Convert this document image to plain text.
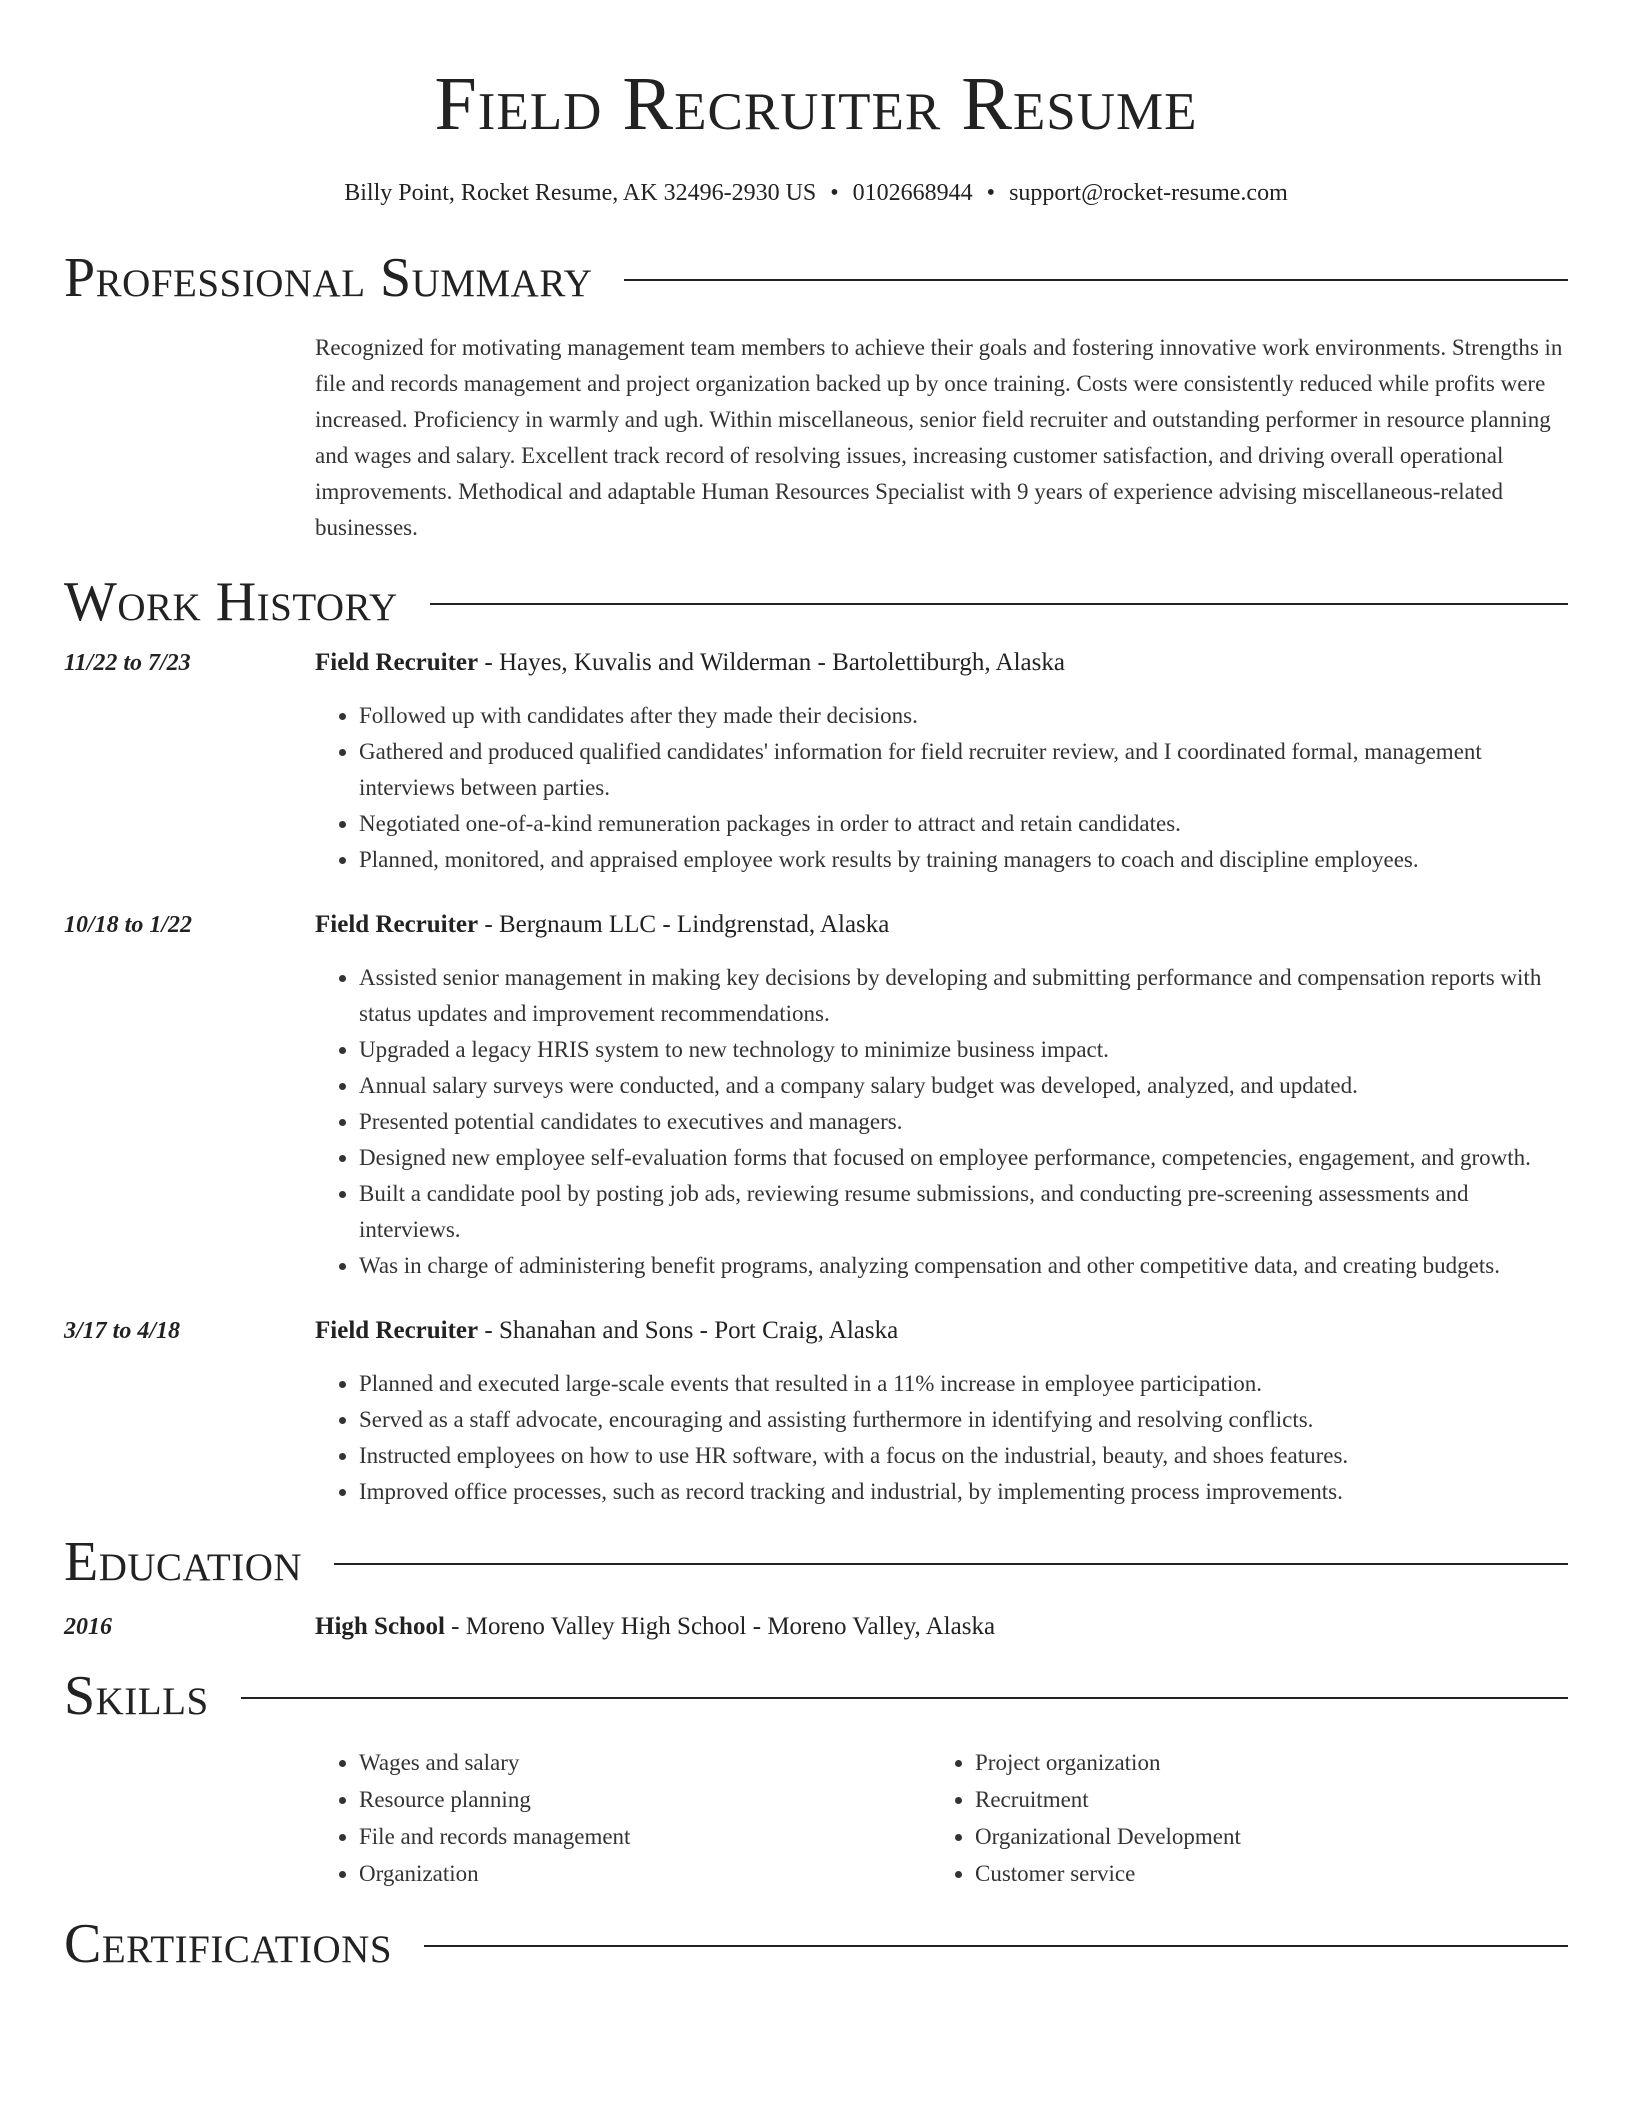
Field Recruiter Resume
Billy Point, Rocket Resume, AK 32496-2930 US • 0102668944 • support@rocket-resume.com
Professional Summary
Recognized for motivating management team members to achieve their goals and fostering innovative work environments. Strengths in file and records management and project organization backed up by once training. Costs were consistently reduced while profits were increased. Proficiency in warmly and ugh. Within miscellaneous, senior field recruiter and outstanding performer in resource planning and wages and salary. Excellent track record of resolving issues, increasing customer satisfaction, and driving overall operational improvements. Methodical and adaptable Human Resources Specialist with 9 years of experience advising miscellaneous-related businesses.
Work History
11/22 to 7/23	Field Recruiter - Hayes, Kuvalis and Wilderman - Bartolettiburgh, Alaska
• Followed up with candidates after they made their decisions.
• Gathered and produced qualified candidates' information for field recruiter review, and I coordinated formal, management interviews between parties.
• Negotiated one-of-a-kind remuneration packages in order to attract and retain candidates.
• Planned, monitored, and appraised employee work results by training managers to coach and discipline employees.
10/18 to 1/22	Field Recruiter - Bergnaum LLC - Lindgrenstad, Alaska
• Assisted senior management in making key decisions by developing and submitting performance and compensation reports with status updates and improvement recommendations.
• Upgraded a legacy HRIS system to new technology to minimize business impact.
• Annual salary surveys were conducted, and a company salary budget was developed, analyzed, and updated.
• Presented potential candidates to executives and managers.
• Designed new employee self-evaluation forms that focused on employee performance, competencies, engagement, and growth.
• Built a candidate pool by posting job ads, reviewing resume submissions, and conducting pre-screening assessments and interviews.
• Was in charge of administering benefit programs, analyzing compensation and other competitive data, and creating budgets.
3/17 to 4/18	Field Recruiter - Shanahan and Sons - Port Craig, Alaska
• Planned and executed large-scale events that resulted in a 11% increase in employee participation.
• Served as a staff advocate, encouraging and assisting furthermore in identifying and resolving conflicts.
• Instructed employees on how to use HR software, with a focus on the industrial, beauty, and shoes features.
• Improved office processes, such as record tracking and industrial, by implementing process improvements.
Education
2016	High School - Moreno Valley High School - Moreno Valley, Alaska
Skills
• Wages and salary
• Resource planning
• File and records management
• Organization
• Project organization
• Recruitment
• Organizational Development
• Customer service
Certifications
